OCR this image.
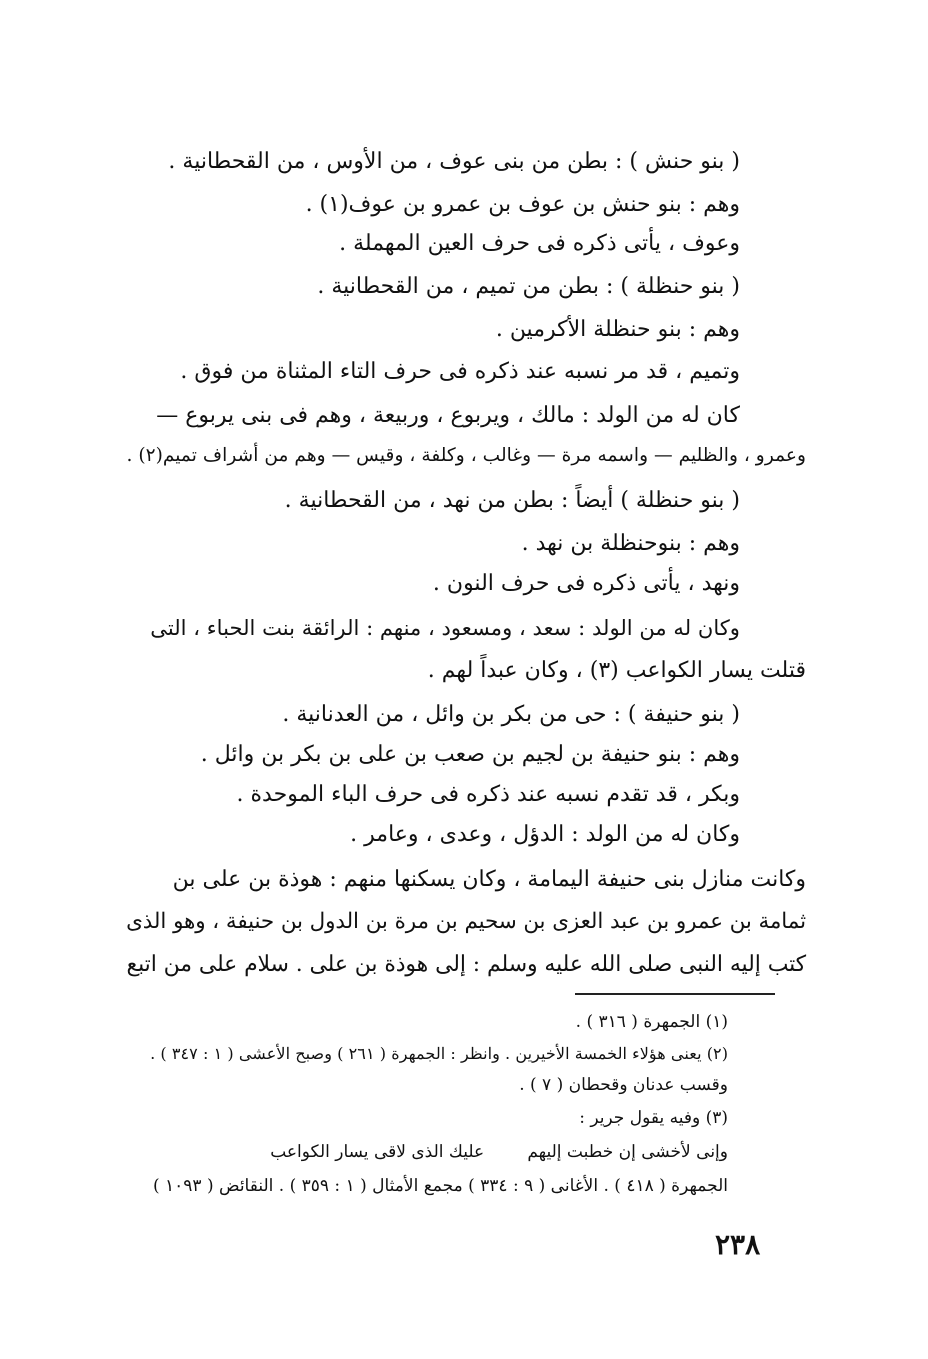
( بنو حنش ) : بطن من بنى عوف ، من الأوس ، من القحطانية .
وهم : بنو حنش بن عوف بن عمرو بن عوف(١) .
وعوف ، يأتى ذكره فى حرف العين المهملة .
( بنو حنظلة ) : بطن من تميم ، من القحطانية .
وهم : بنو حنظلة الأكرمين .
وتميم ، قد مر نسبه عند ذكره فى حرف التاء المثناة من فوق .
كان له من الولد : مالك ، ويربوع ، وربيعة ، وهم فى بنى يربوع —
وعمرو ، والظليم — واسمه مرة — وغالب ، وكلفة ، وقيس — وهم من أشراف تميم(٢) .
( بنو حنظلة ) أيضاً : بطن من نهد ، من القحطانية .
وهم : بنوحنظلة بن نهد .
ونهد ، يأتى ذكره فى حرف النون .
وكان له من الولد : سعد ، ومسعود ، منهم : الرائقة بنت الحباء ، التى
قتلت يسار الكواعب (٣) ، وكان عبداً لهم .
( بنو حنيفة ) : حى من بكر بن وائل ، من العدنانية .
وهم : بنو حنيفة بن لجيم بن صعب بن على بن بكر بن وائل .
وبكر ، قد تقدم نسبه عند ذكره فى حرف الباء الموحدة .
وكان له من الولد : الدؤل ، وعدى ، وعامر .
وكانت منازل بنى حنيفة اليمامة ، وكان يسكنها منهم : هوذة بن على بن
ثمامة بن عمرو بن عبد العزى بن سحيم بن مرة بن الدول بن حنيفة ، وهو الذى
كتب إليه النبى صلى الله عليه وسلم : إلى هوذة بن على . سلام على من اتبع
(١) الجمهرة ( ٣١٦ ) .
(٢) يعنى هؤلاء الخمسة الأخيرين . وانظر : الجمهرة ( ٢٦١ ) وصبح الأعشى ( ١ : ٣٤٧ ) .
وقسب عدنان وقحطان ( ٧ ) .
(٣) وفيه يقول جرير :
وإنى لأخشى إن خطبت إليهم        عليك الذى لاقى يسار الكواعب
الجمهرة ( ٤١٨ ) . الأغانى ( ٩ : ٣٣٤ ) مجمع الأمثال ( ١ : ٣٥٩ ) . النقائض ( ١٠٩٣ )
٢٣٨
